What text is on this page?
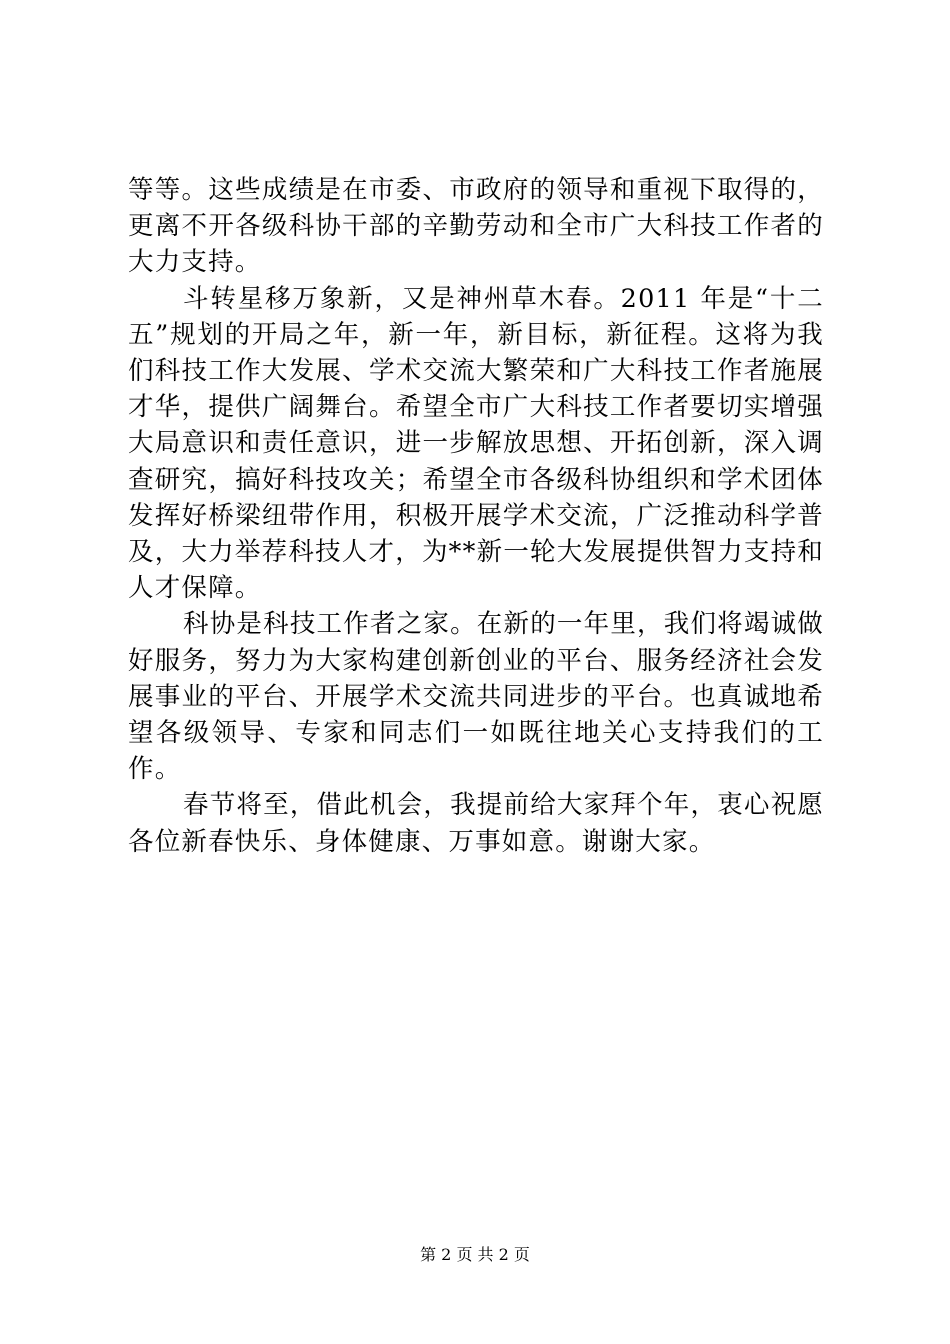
等等。这些成绩是在市委、市政府的领导和重视下取得的，更离不开各级科协干部的辛勤劳动和全市广大科技工作者的大力支持。

斗转星移万象新，又是神州草木春。2011 年是“十二五”规划的开局之年，新一年，新目标，新征程。这将为我们科技工作大发展、学术交流大繁荣和广大科技工作者施展才华，提供广阔舞台。希望全市广大科技工作者要切实增强大局意识和责任意识，进一步解放思想、开拓创新，深入调查研究，搞好科技攻关；希望全市各级科协组织和学术团体发挥好桥梁纽带作用，积极开展学术交流，广泛推动科学普及，大力举荐科技人才，为**新一轮大发展提供智力支持和人才保障。

科协是科技工作者之家。在新的一年里，我们将竭诚做好服务，努力为大家构建创新创业的平台、服务经济社会发展事业的平台、开展学术交流共同进步的平台。也真诚地希望各级领导、专家和同志们一如既往地关心支持我们的工作。

春节将至，借此机会，我提前给大家拜个年，衷心祝愿各位新春快乐、身体健康、万事如意。谢谢大家。

第 2 页 共 2 页
